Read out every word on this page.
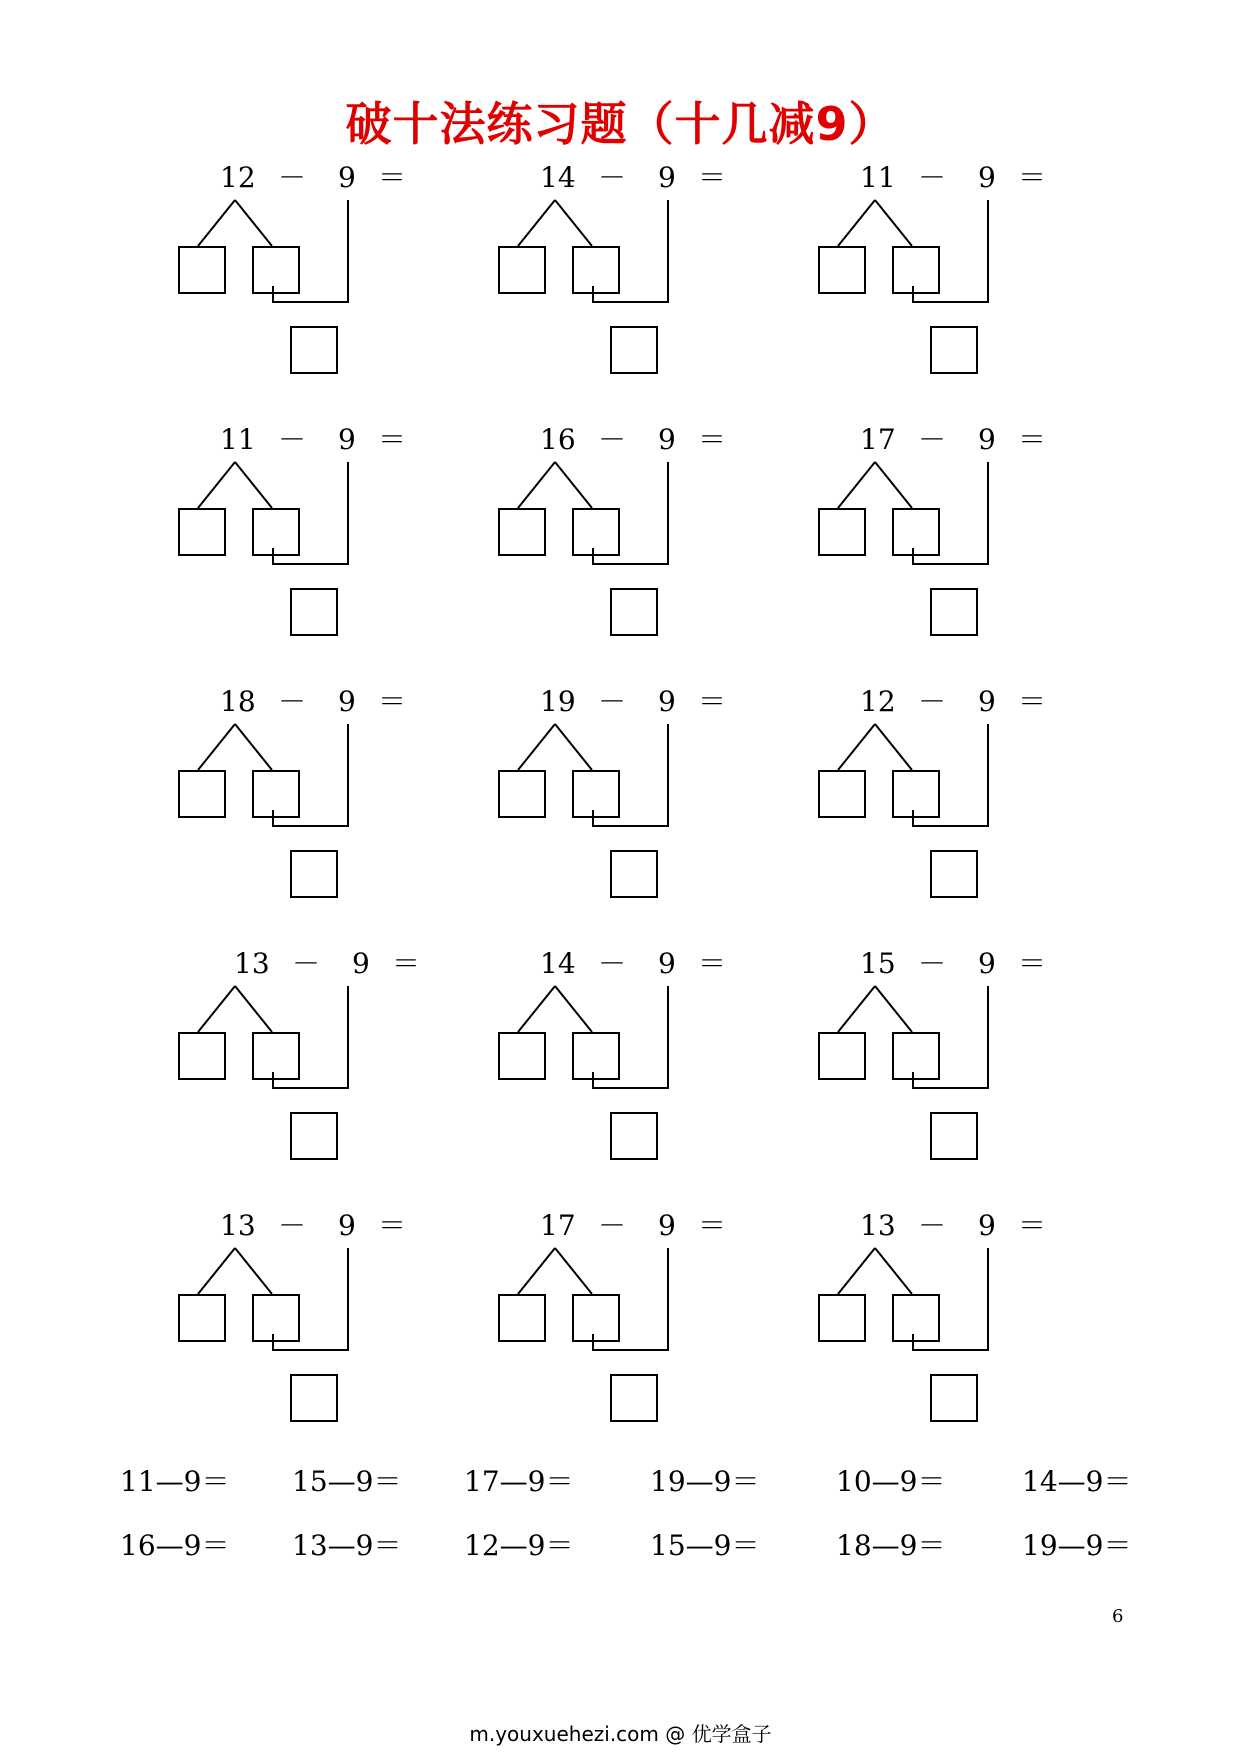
破十法练习题（十几减9）
12 － 9 ＝	14 － 9 ＝	11 － 9 ＝
11 － 9 ＝	16 － 9 ＝	17 － 9 ＝
18 － 9 ＝	19 － 9 ＝	12 － 9 ＝
13 － 9 ＝	14 － 9 ＝	15 － 9 ＝
13 － 9 ＝	17 － 9 ＝	13 － 9 ＝
11—9＝ 15—9＝ 17—9＝	19—9＝	10—9＝	14—9＝
16—9＝ 13—9＝ 12—9＝	15—9＝	18—9＝	19—9＝
6
m.youxuehezi.com @ 优学盒子
